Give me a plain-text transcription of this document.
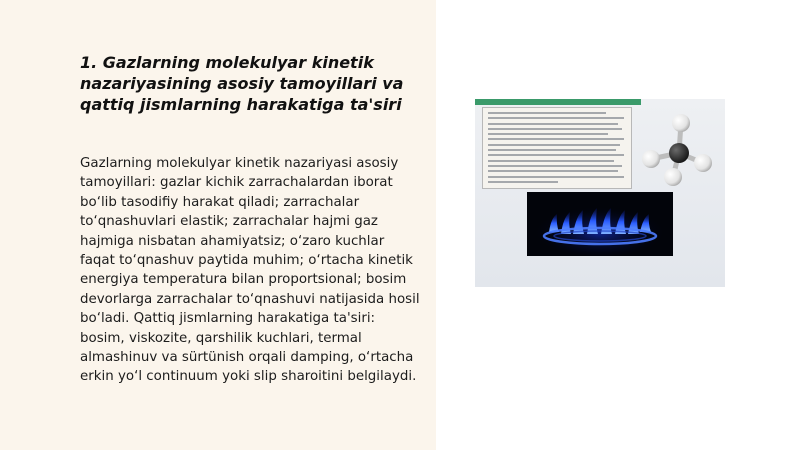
1. Gazlarning molekulyar kinetik nazariyasining asosiy tamoyillari va qattiq jismlarning harakatiga ta'siri

Gazlarning molekulyar kinetik nazariyasi asosiy tamoyillari: gazlar kichik zarrachalardan iborat bo‘lib tasodifiy harakat qiladi; zarrachalar to‘qnashuvlari elastik; zarrachalar hajmi gaz hajmiga nisbatan ahamiyatsiz; o‘zaro kuchlar faqat to‘qnashuv paytida muhim; o‘rtacha kinetik energiya temperatura bilan proportsional; bosim devorlarga zarrachalar to‘qnashuvi natijasida hosil bo‘ladi. Qattiq jismlarning harakatiga ta'siri: bosim, viskozite, qarshilik kuchlari, termal almashinuv va sürtünish orqali damping, o‘rtacha erkin yo‘l continuum yoki slip sharoitini belgilaydi.
